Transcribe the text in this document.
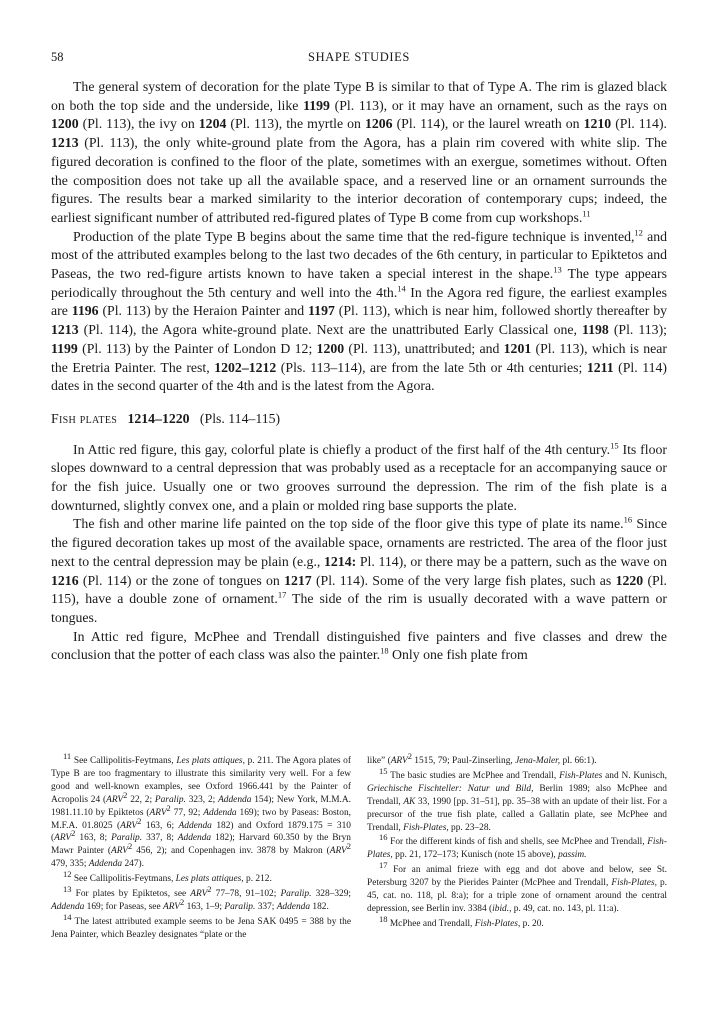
58	SHAPE STUDIES

The general system of decoration for the plate Type B is similar to that of Type A. The rim is glazed black on both the top side and the underside, like 1199 (Pl. 113), or it may have an ornament, such as the rays on 1200 (Pl. 113), the ivy on 1204 (Pl. 113), the myrtle on 1206 (Pl. 114), or the laurel wreath on 1210 (Pl. 114). 1213 (Pl. 113), the only white-ground plate from the Agora, has a plain rim covered with white slip. The figured decoration is confined to the floor of the plate, sometimes with an exergue, sometimes without. Often the composition does not take up all the available space, and a reserved line or an ornament surrounds the figures. The results bear a marked similarity to the interior decoration of contemporary cups; indeed, the earliest significant number of attributed red-figured plates of Type B come from cup workshops.$^{11}$

Production of the plate Type B begins about the same time that the red-figure technique is invented,$^{12}$ and most of the attributed examples belong to the last two decades of the 6th century, in particular to Epiktetos and Paseas, the two red-figure artists known to have taken a special interest in the shape.$^{13}$ The type appears periodically throughout the 5th century and well into the 4th.$^{14}$ In the Agora red figure, the earliest examples are 1196 (Pl. 113) by the Heraion Painter and 1197 (Pl. 113), which is near him, followed shortly thereafter by 1213 (Pl. 114), the Agora white-ground plate. Next are the unattributed Early Classical one, 1198 (Pl. 113); 1199 (Pl. 113) by the Painter of London D 12; 1200 (Pl. 113), unattributed; and 1201 (Pl. 113), which is near the Eretria Painter. The rest, 1202–1212 (Pls. 113–114), are from the late 5th or 4th centuries; 1211 (Pl. 114) dates in the second quarter of the 4th and is the latest from the Agora.

Fish plates 1214–1220 (Pls. 114–115)

In Attic red figure, this gay, colorful plate is chiefly a product of the first half of the 4th century.$^{15}$ Its floor slopes downward to a central depression that was probably used as a receptacle for an accompanying sauce or for the fish juice. Usually one or two grooves surround the depression. The rim of the fish plate is a downturned, slightly convex one, and a plain or molded ring base supports the plate.

The fish and other marine life painted on the top side of the floor give this type of plate its name.$^{16}$ Since the figured decoration takes up most of the available space, ornaments are restricted. The area of the floor just next to the central depression may be plain (e.g., 1214: Pl. 114), or there may be a pattern, such as the wave on 1216 (Pl. 114) or the zone of tongues on 1217 (Pl. 114). Some of the very large fish plates, such as 1220 (Pl. 115), have a double zone of ornament.$^{17}$ The side of the rim is usually decorated with a wave pattern or tongues.

In Attic red figure, McPhee and Trendall distinguished five painters and five classes and drew the conclusion that the potter of each class was also the painter.$^{18}$ Only one fish plate from

$^{11}$ See Callipolitis-Feytmans, Les plats attiques, p. 211. The Agora plates of Type B are too fragmentary to illustrate this similarity very well. For a few good and well-known examples, see Oxford 1966.441 by the Painter of Acropolis 24 (ARV$^2$ 22, 2; Paralip. 323, 2; Addenda 154); New York, M.M.A. 1981.11.10 by Epiktetos (ARV$^2$ 77, 92; Addenda 169); two by Paseas: Boston, M.F.A. 01.8025 (ARV$^2$ 163, 6; Addenda 182) and Oxford 1879.175 = 310 (ARV$^2$ 163, 8; Paralip. 337, 8; Addenda 182); Harvard 60.350 by the Bryn Mawr Painter (ARV$^2$ 456, 2); and Copenhagen inv. 3878 by Makron (ARV$^2$ 479, 335; Addenda 247).

$^{12}$ See Callipolitis-Feytmans, Les plats attiques, p. 212.

$^{13}$ For plates by Epiktetos, see ARV$^2$ 77–78, 91–102; Paralip. 328–329; Addenda 169; for Paseas, see ARV$^2$ 163, 1–9; Paralip. 337; Addenda 182.

$^{14}$ The latest attributed example seems to be Jena SAK 0495 = 388 by the Jena Painter, which Beazley designates “plate or the

like” (ARV$^2$ 1515, 79; Paul-Zinserling, Jena-Maler, pl. 66:1).

$^{15}$ The basic studies are McPhee and Trendall, Fish-Plates and N. Kunisch, Griechische Fischteller: Natur und Bild, Berlin 1989; also McPhee and Trendall, AK 33, 1990 [pp. 31–51], pp. 35–38 with an update of their list. For a precursor of the true fish plate, called a Gallatin plate, see McPhee and Trendall, Fish-Plates, pp. 23–28.

$^{16}$ For the different kinds of fish and shells, see McPhee and Trendall, Fish-Plates, pp. 21, 172–173; Kunisch (note 15 above), passim.

$^{17}$ For an animal frieze with egg and dot above and below, see St. Petersburg 3207 by the Pierides Painter (McPhee and Trendall, Fish-Plates, p. 45, cat. no. 118, pl. 8:a); for a triple zone of ornament around the central depression, see Berlin inv. 3384 (ibid., p. 49, cat. no. 143, pl. 11:a).

$^{18}$ McPhee and Trendall, Fish-Plates, p. 20.
